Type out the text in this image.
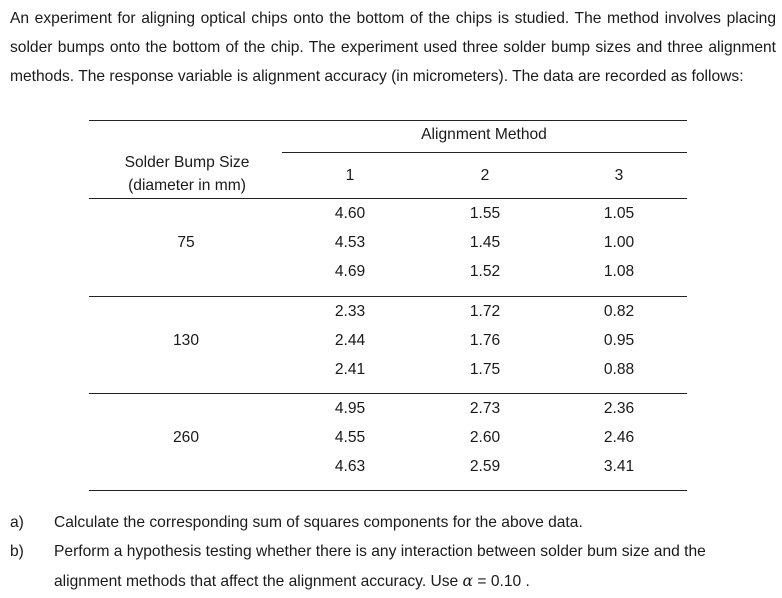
An experiment for aligning optical chips onto the bottom of the chips is studied. The method involves placing solder bumps onto the bottom of the chip. The experiment used three solder bump sizes and three alignment methods. The response variable is alignment accuracy (in micrometers). The data are recorded as follows:
Alignment Method
Solder Bump Size
(diameter in mm)
1	2	3
75
4.60	1.55	1.05
4.53	1.45	1.00
4.69	1.52	1.08
130
2.33	1.72	0.82
2.44	1.76	0.95
2.41	1.75	0.88
260
4.95	2.73	2.36
4.55	2.60	2.46
4.63	2.59	3.41
a) Calculate the corresponding sum of squares components for the above data.
b) Perform a hypothesis testing whether there is any interaction between solder bum size and the
alignment methods that affect the alignment accuracy. Use α = 0.10 .
